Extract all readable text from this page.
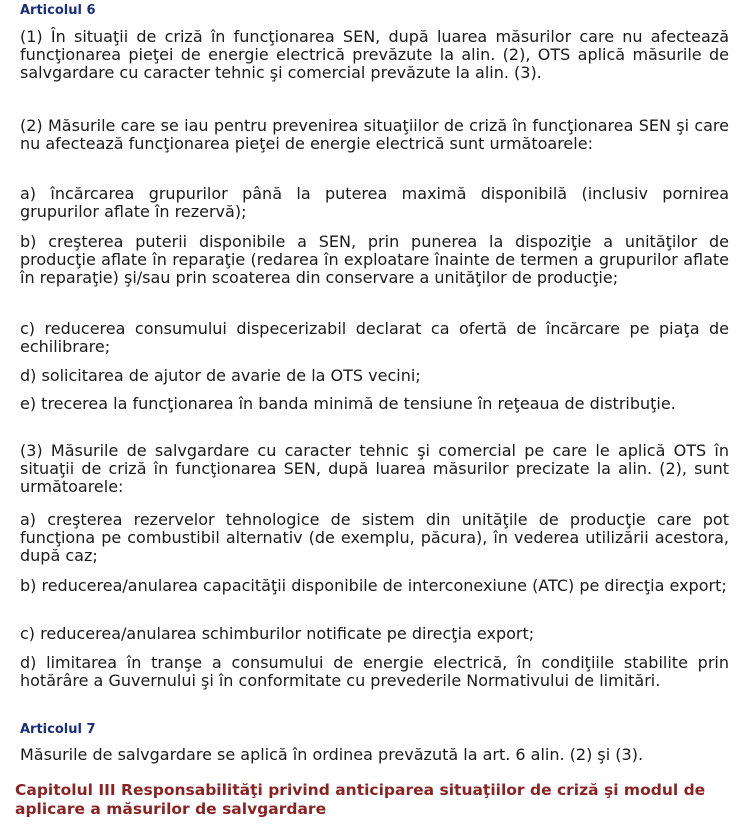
Articolul 6

(1) În situaţii de criză în funcţionarea SEN, după luarea măsurilor care nu afectează funcţionarea pieţei de energie electrică prevăzute la alin. (2), OTS aplică măsurile de salvgardare cu caracter tehnic şi comercial prevăzute la alin. (3).

(2) Măsurile care se iau pentru prevenirea situaţiilor de criză în funcţionarea SEN şi care nu afectează funcţionarea pieţei de energie electrică sunt următoarele:

a) încărcarea grupurilor până la puterea maximă disponibilă (inclusiv pornirea grupurilor aflate în rezervă);

b) creşterea puterii disponibile a SEN, prin punerea la dispoziţie a unităţilor de producţie aflate în reparaţie (redarea în exploatare înainte de termen a grupurilor aflate în reparaţie) şi/sau prin scoaterea din conservare a unităţilor de producţie;

c) reducerea consumului dispecerizabil declarat ca ofertă de încărcare pe piaţa de echilibrare;

d) solicitarea de ajutor de avarie de la OTS vecini;

e) trecerea la funcţionarea în banda minimă de tensiune în reţeaua de distribuţie.

(3) Măsurile de salvgardare cu caracter tehnic şi comercial pe care le aplică OTS în situaţii de criză în funcţionarea SEN, după luarea măsurilor precizate la alin. (2), sunt următoarele:

a) creşterea rezervelor tehnologice de sistem din unităţile de producţie care pot funcţiona pe combustibil alternativ (de exemplu, păcura), în vederea utilizării acestora, după caz;

b) reducerea/anularea capacităţii disponibile de interconexiune (ATC) pe direcţia export;

c) reducerea/anularea schimburilor notificate pe direcţia export;

d) limitarea în tranşe a consumului de energie electrică, în condiţiile stabilite prin hotărâre a Guvernului şi în conformitate cu prevederile Normativului de limitări.

Articolul 7

Măsurile de salvgardare se aplică în ordinea prevăzută la art. 6 alin. (2) şi (3).

Capitolul III Responsabilităţi privind anticiparea situaţiilor de criză şi modul de aplicare a măsurilor de salvgardare
